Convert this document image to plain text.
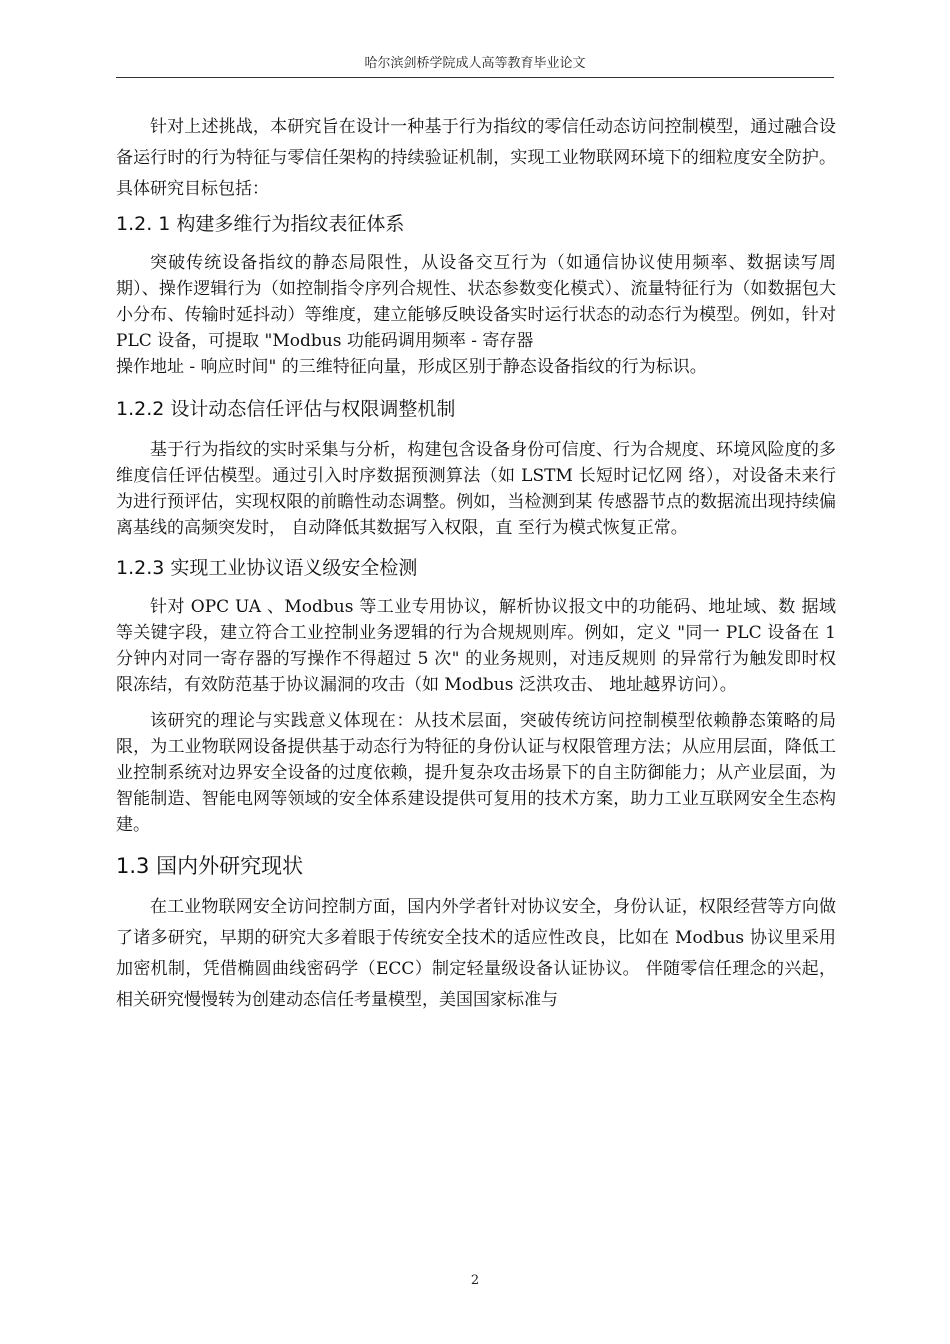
哈尔滨剑桥学院成人高等教育毕业论文

针对上述挑战，本研究旨在设计一种基于行为指纹的零信任动态访问控制模型，通过融合设备运行时的行为特征与零信任架构的持续验证机制，实现工业物联网环境下的细粒度安全防护。具体研究目标包括：

1.2. 1 构建多维行为指纹表征体系

突破传统设备指纹的静态局限性，从设备交互行为（如通信协议使用频率、数据读写周期）、操作逻辑行为（如控制指令序列合规性、状态参数变化模式）、流量特征行为（如数据包大小分布、传输时延抖动）等维度，建立能够反映设备实时运行状态的动态行为模型。例如，针对 PLC 设备，可提取 "Modbus 功能码调用频率 - 寄存器

操作地址 - 响应时间" 的三维特征向量，形成区别于静态设备指纹的行为标识。

1.2.2 设计动态信任评估与权限调整机制

基于行为指纹的实时采集与分析，构建包含设备身份可信度、行为合规度、环境风险度的多维度信任评估模型。通过引入时序数据预测算法（如 LSTM 长短时记忆网 络），对设备未来行为进行预评估，实现权限的前瞻性动态调整。例如，当检测到某 传感器节点的数据流出现持续偏离基线的高频突发时， 自动降低其数据写入权限，直 至行为模式恢复正常。

1.2.3 实现工业协议语义级安全检测

针对 OPC UA 、Modbus 等工业专用协议，解析协议报文中的功能码、地址域、数 据域等关键字段，建立符合工业控制业务逻辑的行为合规规则库。例如，定义 "同一 PLC 设备在 1 分钟内对同一寄存器的写操作不得超过 5 次" 的业务规则，对违反规则 的异常行为触发即时权限冻结，有效防范基于协议漏洞的攻击（如 Modbus 泛洪攻击、 地址越界访问）。

该研究的理论与实践意义体现在：从技术层面，突破传统访问控制模型依赖静态策略的局限，为工业物联网设备提供基于动态行为特征的身份认证与权限管理方法；从应用层面，降低工业控制系统对边界安全设备的过度依赖，提升复杂攻击场景下的自主防御能力；从产业层面，为智能制造、智能电网等领域的安全体系建设提供可复用的技术方案，助力工业互联网安全生态构建。

1.3 国内外研究现状

在工业物联网安全访问控制方面，国内外学者针对协议安全，身份认证，权限经营等方向做了诸多研究，早期的研究大多着眼于传统安全技术的适应性改良，比如在 Modbus 协议里采用加密机制，凭借椭圆曲线密码学（ECC）制定轻量级设备认证协议。 伴随零信任理念的兴起，相关研究慢慢转为创建动态信任考量模型，美国国家标准与

2
